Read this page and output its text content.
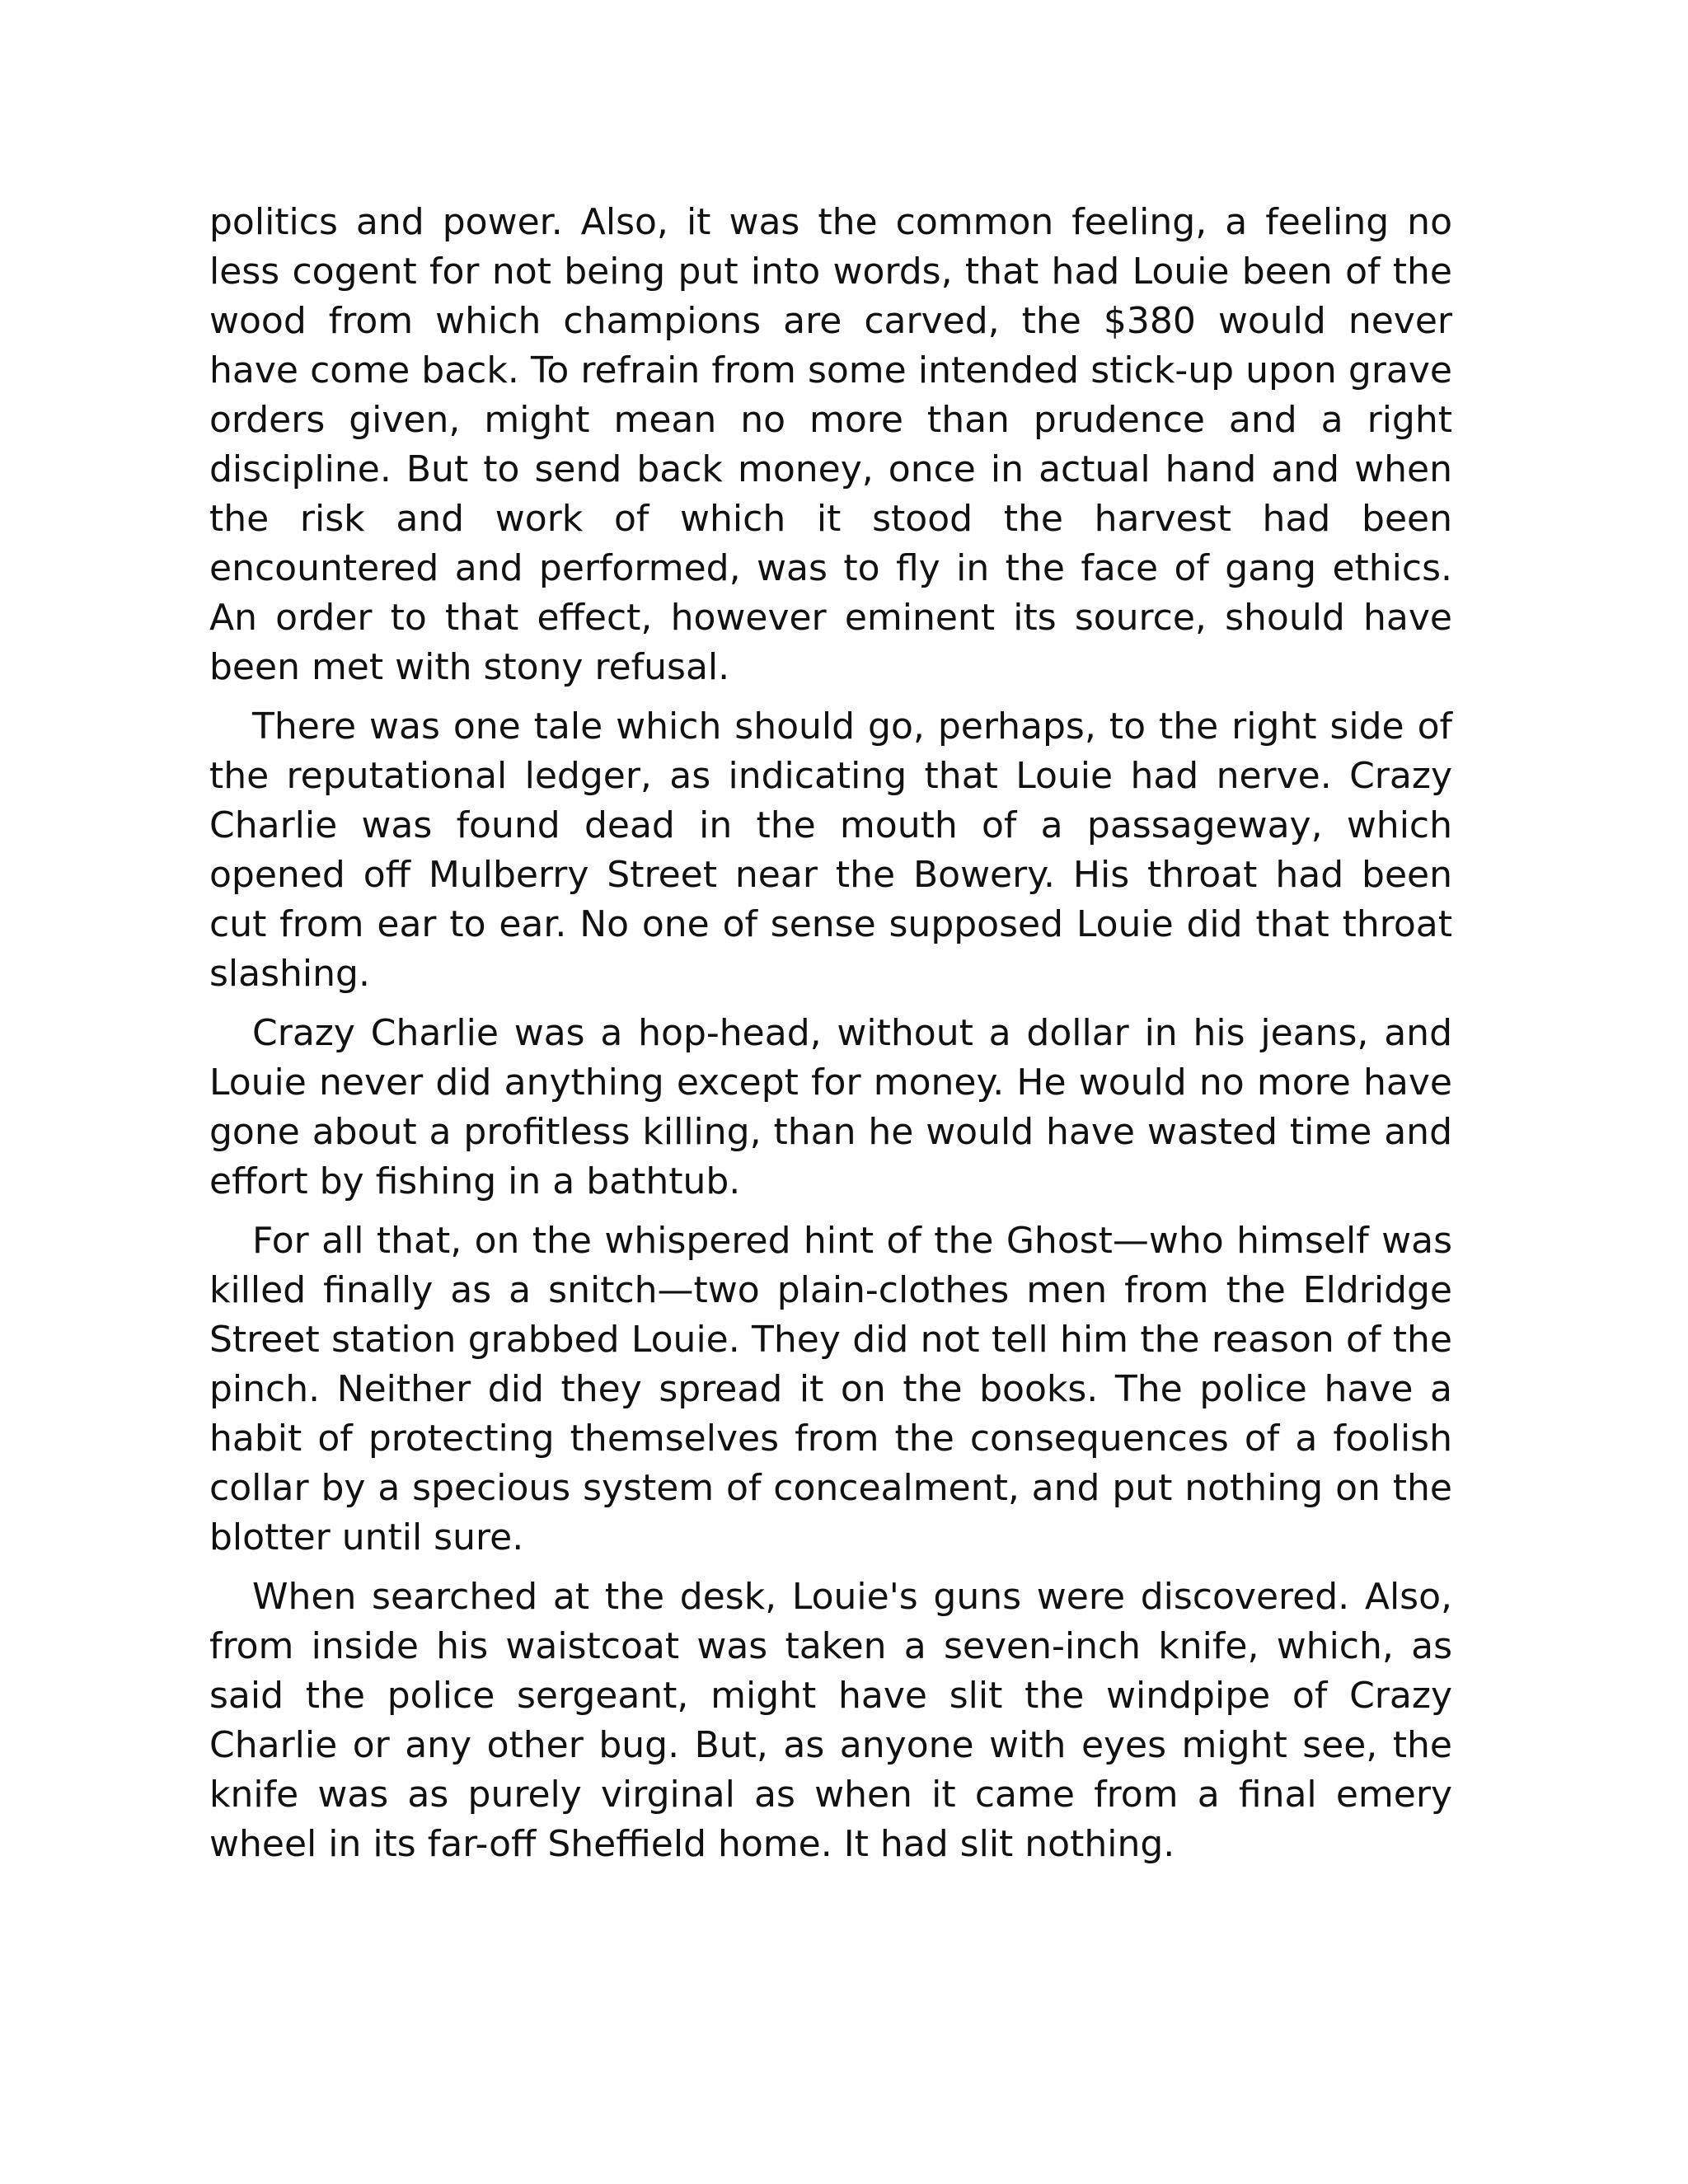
politics and power. Also, it was the common feeling, a feeling no less cogent for not being put into words, that had Louie been of the wood from which champions are carved, the $380 would never have come back. To refrain from some intended stick-up upon grave orders given, might mean no more than prudence and a right discipline. But to send back money, once in actual hand and when the risk and work of which it stood the harvest had been encountered and performed, was to fly in the face of gang ethics. An order to that effect, however eminent its source, should have been met with stony refusal.

There was one tale which should go, perhaps, to the right side of the reputational ledger, as indicating that Louie had nerve. Crazy Charlie was found dead in the mouth of a passageway, which opened off Mulberry Street near the Bowery. His throat had been cut from ear to ear. No one of sense supposed Louie did that throat slashing.

Crazy Charlie was a hop-head, without a dollar in his jeans, and Louie never did anything except for money. He would no more have gone about a profitless killing, than he would have wasted time and effort by fishing in a bathtub.

For all that, on the whispered hint of the Ghost—who himself was killed finally as a snitch—two plain-clothes men from the Eldridge Street station grabbed Louie. They did not tell him the reason of the pinch. Neither did they spread it on the books. The police have a habit of protecting themselves from the consequences of a foolish collar by a specious system of concealment, and put nothing on the blotter until sure.

When searched at the desk, Louie's guns were discovered. Also, from inside his waistcoat was taken a seven-inch knife, which, as said the police sergeant, might have slit the windpipe of Crazy Charlie or any other bug. But, as anyone with eyes might see, the knife was as purely virginal as when it came from a final emery wheel in its far-off Sheffield home. It had slit nothing.
